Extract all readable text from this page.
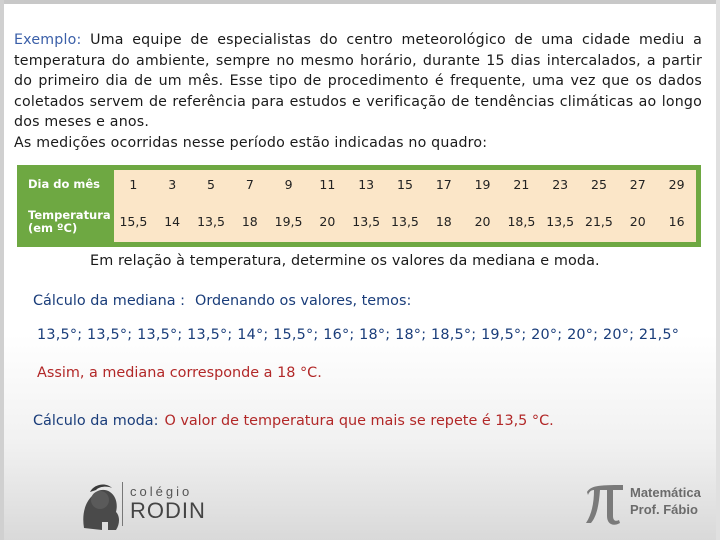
Exemplo: Uma equipe de especialistas do centro meteorológico de uma cidade mediu a temperatura do ambiente, sempre no mesmo horário, durante 15 dias intercalados, a partir do primeiro dia de um mês. Esse tipo de procedimento é frequente, uma vez que os dados coletados servem de referência para estudos e verificação de tendências climáticas ao longo dos meses e anos.
As medições ocorridas nesse período estão indicadas no quadro:
Dia do mês	1	3	5	7	9	11	13	15	17	19	21	23	25	27	29
Temperatura
(em ºC)	15,5	14	13,5	18	19,5	20	13,5	13,5	18	20	18,5	13,5	21,5	20	16
Em relação à temperatura, determine os valores da mediana e moda.
Cálculo da mediana : Ordenando os valores, temos:
13,5°; 13,5°; 13,5°; 13,5°; 14°; 15,5°; 16°; 18°; 18°; 18,5°; 19,5°; 20°; 20°; 20°; 21,5°
Assim, a mediana corresponde a 18 °C.
Cálculo da moda: O valor de temperatura que mais se repete é 13,5 °C.
colégio
RODIN
Matemática
Prof. Fábio
